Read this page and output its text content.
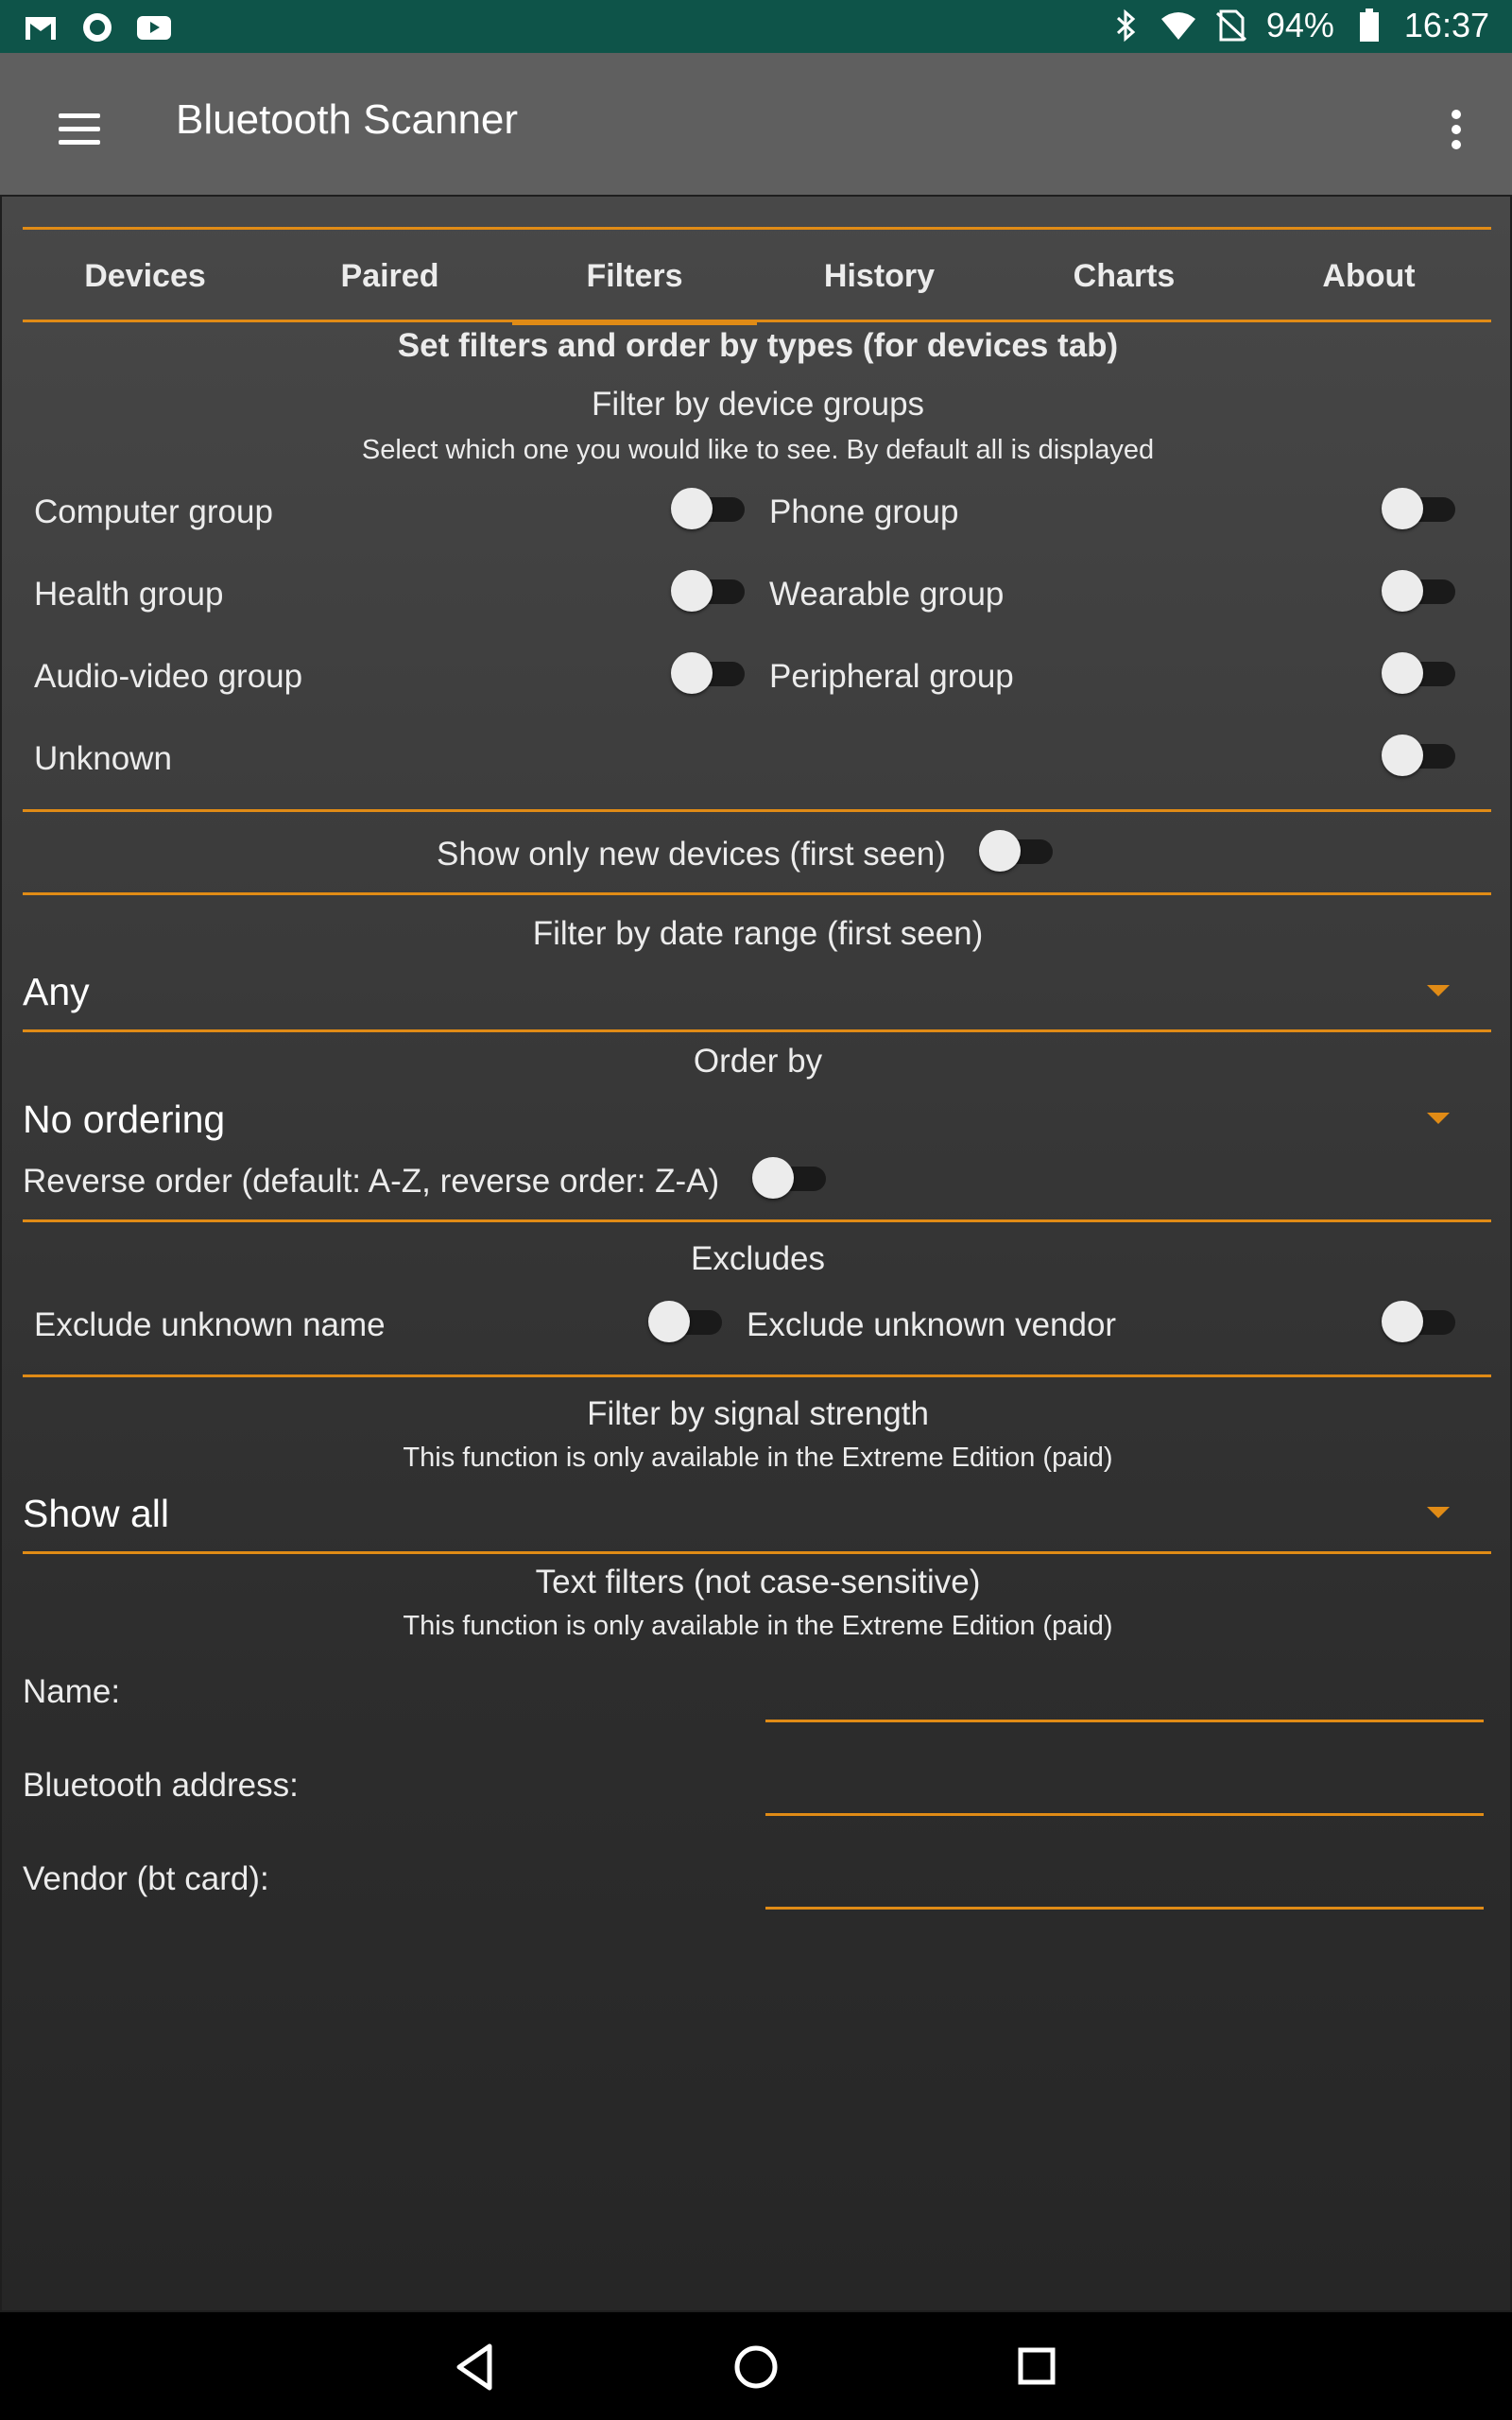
94% 16:37
Bluetooth Scanner
Devices	Paired	Filters	History	Charts	About
Set filters and order by types (for devices tab)
Filter by device groups
Select which one you would like to see. By default all is displayed
Computer group	Phone group
Health group	Wearable group
Audio-video group	Peripheral group
Unknown
Show only new devices (first seen)
Filter by date range (first seen)
Any
Order by
No ordering
Reverse order (default: A-Z, reverse order: Z-A)
Excludes
Exclude unknown name	Exclude unknown vendor
Filter by signal strength
This function is only available in the Extreme Edition (paid)
Show all
Text filters (not case-sensitive)
This function is only available in the Extreme Edition (paid)
Name:
Bluetooth address:
Vendor (bt card):
